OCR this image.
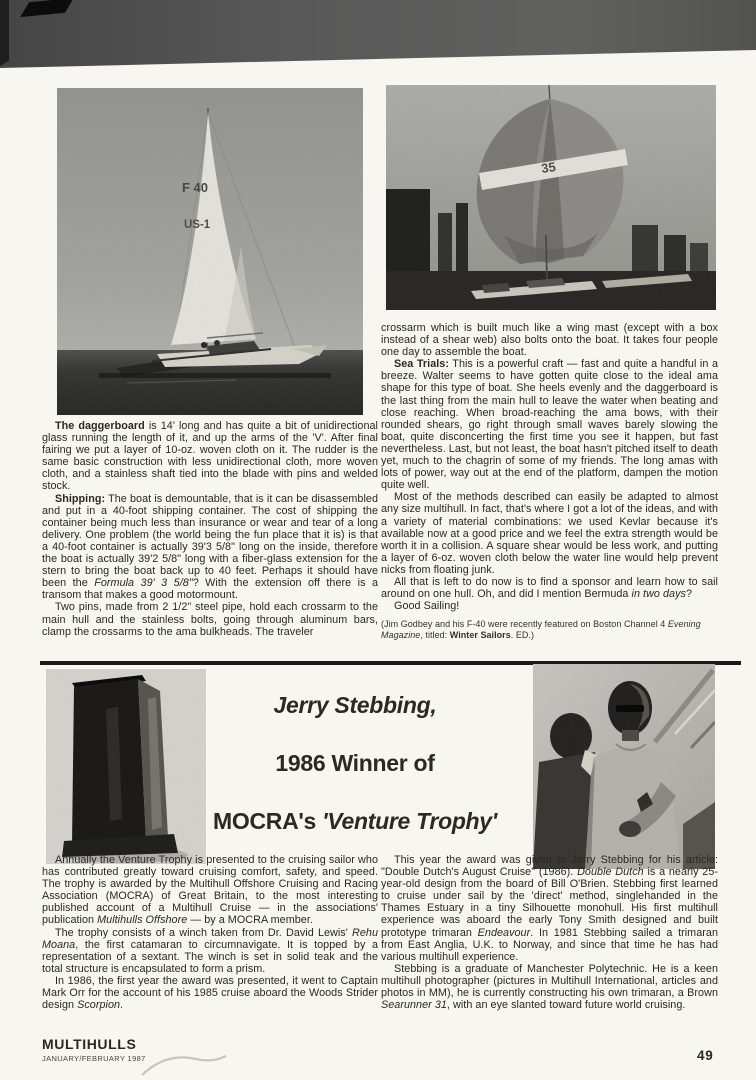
The daggerboard is 14' long and has quite a bit of unidirectional glass running the length of it, and up the arms of the 'V'. After final fairing we put a layer of 10-oz. woven cloth on it. The rudder is the same basic construction with less unidirectional cloth, more woven cloth, and a stainless shaft tied into the blade with pins and welded stock.

Shipping: The boat is demountable, that is it can be disassembled and put in a 40-foot shipping container. The cost of shipping the container being much less than insurance or wear and tear of a long delivery. One problem (the world being the fun place that it is) is that a 40-foot container is actually 39'3 5/8" long on the inside, therefore the boat is actually 39'2 5/8" long with a fiber-glass extension for the stern to bring the boat back up to 40 feet. Perhaps it should have been the Formula 39' 3 5/8"? With the extension off there is a transom that makes a good motormount.

Two pins, made from 2 1/2" steel pipe, hold each crossarm to the main hull and the stainless bolts, going through aluminum bars, clamp the crossarms to the ama bulkheads. The traveler

crossarm which is built much like a wing mast (except with a box instead of a shear web) also bolts onto the boat. It takes four people one day to assemble the boat.

Sea Trials: This is a powerful craft — fast and quite a handful in a breeze. Walter seems to have gotten quite close to the ideal ama shape for this type of boat. She heels evenly and the daggerboard is the last thing from the main hull to leave the water when beating and close reaching. When broad-reaching the ama bows, with their rounded shears, go right through small waves barely slowing the boat, quite disconcerting the first time you see it happen, but fast nevertheless. Last, but not least, the boat hasn't pitched itself to death yet, much to the chagrin of some of my friends. The long amas with lots of power, way out at the end of the platform, dampen the motion quite well.

Most of the methods described can easily be adapted to almost any size multihull. In fact, that's where I got a lot of the ideas, and with a variety of material combinations: we used Kevlar because it's available now at a good price and we feel the extra strength would be worth it in a collision. A square shear would be less work, and putting a layer of 6-oz. woven cloth below the water line would help prevent nicks from floating junk.

All that is left to do now is to find a sponsor and learn how to sail around on one hull. Oh, and did I mention Bermuda in two days?

Good Sailing!

(Jim Godbey and his F-40 were recently featured on Boston Channel 4 Evening Magazine, titled: Winter Sailors. ED.)

Jerry Stebbing,
1986 Winner of
MOCRA's 'Venture Trophy'

Annually the Venture Trophy is presented to the cruising sailor who has contributed greatly toward cruising comfort, safety, and speed. The trophy is awarded by the Multihull Offshore Cruising and Racing Association (MOCRA) of Great Britain, to the most interesting published account of a Multihull Cruise — in the associations' publication Multihulls Offshore — by a MOCRA member.

The trophy consists of a winch taken from Dr. David Lewis' Rehu Moana, the first catamaran to circumnavigate. It is topped by a representation of a sextant. The winch is set in solid teak and the total structure is encapsulated to form a prism.

In 1986, the first year the award was presented, it went to Captain Mark Orr for the account of his 1985 cruise aboard the Woods Strider design Scorpion.

This year the award was given to Jerry Stebbing for his article: "Double Dutch's August Cruise" (1986). Double Dutch is a nearly 25-year-old design from the board of Bill O'Brien. Stebbing first learned to cruise under sail by the 'direct' method, singlehanded in the Thames Estuary in a tiny Silhouette monohull. His first multihull experience was aboard the early Tony Smith designed and built prototype trimaran Endeavour. In 1981 Stebbing sailed a trimaran from East Anglia, U.K. to Norway, and since that time he has had various multihull experience.

Stebbing is a graduate of Manchester Polytechnic. He is a keen multihull photographer (pictures in Multihull International, articles and photos in MM), he is currently constructing his own trimaran, a Brown Searunner 31, with an eye slanted toward future world cruising.

MULTIHULLS
JANUARY/FEBRUARY 1987	49
